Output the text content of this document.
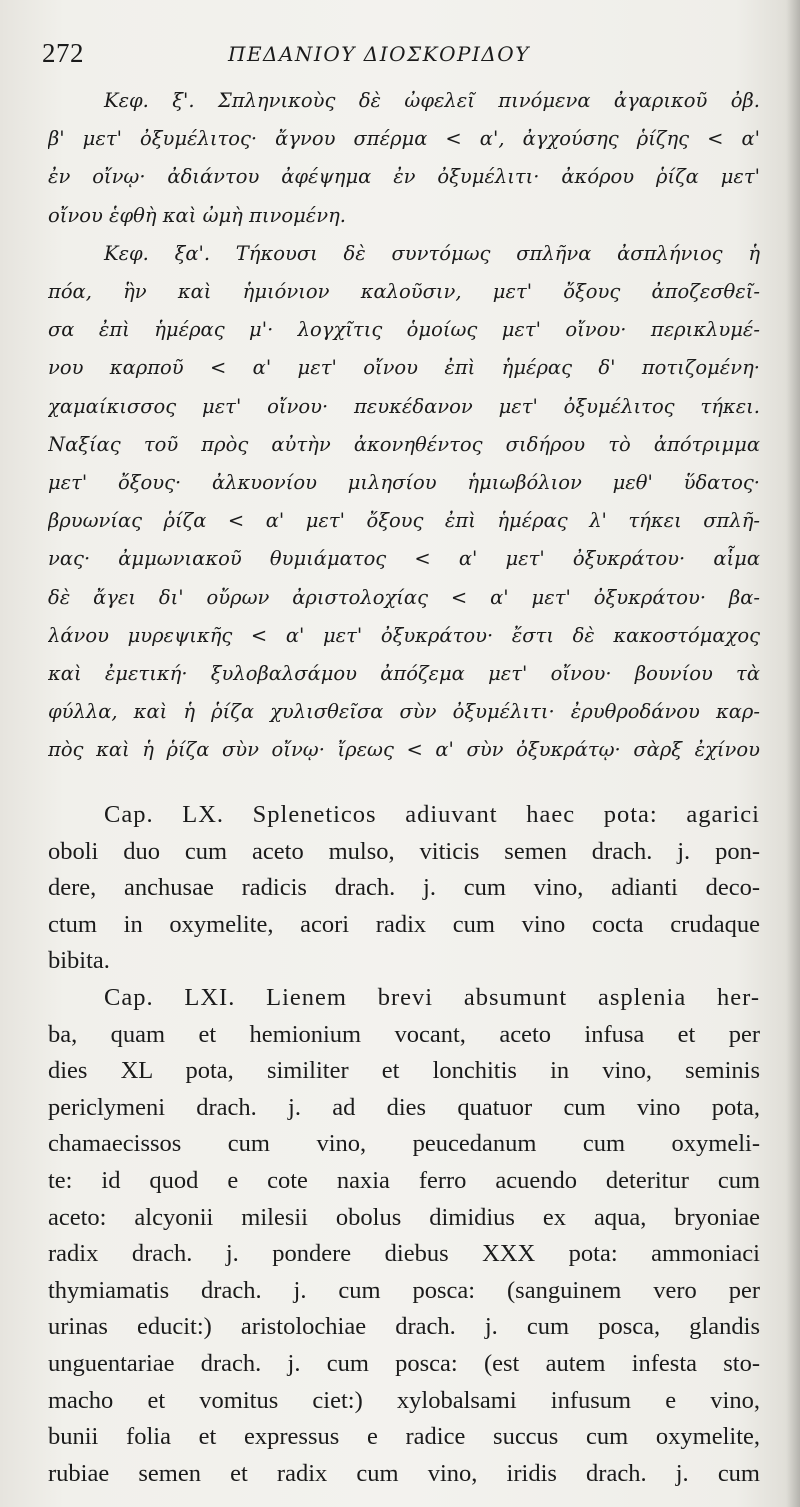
272	ΠΕΔΑΝΙΟΥ ΔΙΟΣΚΟΡΙΔΟΥ
Κεφ. ξ'. Σπληνικοὺς δὲ ὠφελεῖ πινόμενα ἀγαρικοῦ ὀβ.
β' μετ' ὀξυμέλιτος· ἄγνου σπέρμα < α', ἀγχούσης ῥίζης < α'
ἐν οἴνῳ· ἀδιάντου ἀφέψημα ἐν ὀξυμέλιτι· ἀκόρου ῥίζα μετ'
οἴνου ἑφθὴ καὶ ὠμὴ πινομένη.
Κεφ. ξα'. Τήκουσι δὲ συντόμως σπλῆνα ἀσπλήνιος ἡ
πόα, ἣν καὶ ἡμιόνιον καλοῦσιν, μετ' ὄξους ἀποζεσθεῖ-
σα ἐπὶ ἡμέρας μ'· λογχῖτις ὁμοίως μετ' οἴνου· περικλυμέ-
νου καρποῦ < α' μετ' οἴνου ἐπὶ ἡμέρας δ' ποτιζομένη·
χαμαίκισσος μετ' οἴνου· πευκέδανον μετ' ὀξυμέλιτος τήκει.
Ναξίας τοῦ πρὸς αὐτὴν ἀκονηθέντος σιδήρου τὸ ἀπότριμμα
μετ' ὄξους· ἀλκυονίου μιλησίου ἡμιωβόλιον μεθ' ὕδατος·
βρυωνίας ῥίζα < α' μετ' ὄξους ἐπὶ ἡμέρας λ' τήκει σπλῆ-
νας· ἀμμωνιακοῦ θυμιάματος < α' μετ' ὀξυκράτου· αἷμα
δὲ ἄγει δι' οὔρων ἀριστολοχίας < α' μετ' ὀξυκράτου· βα-
λάνου μυρεψικῆς < α' μετ' ὀξυκράτου· ἔστι δὲ κακοστόμαχος
καὶ ἐμετική· ξυλοβαλσάμου ἀπόζεμα μετ' οἴνου· βουνίου τὰ
φύλλα, καὶ ἡ ῥίζα χυλισθεῖσα σὺν ὀξυμέλιτι· ἐρυθροδάνου καρ-
πὸς καὶ ἡ ῥίζα σὺν οἴνῳ· ἴρεως < α' σὺν ὀξυκράτῳ· σὰρξ ἐχίνου
Cap. LX. Spleneticos adiuvant haec pota: agarici
oboli duo cum aceto mulso, viticis semen drach. j. pon-
dere, anchusae radicis drach. j. cum vino, adianti deco-
ctum in oxymelite, acori radix cum vino cocta crudaque
bibita.
Cap. LXI. Lienem brevi absumunt asplenia her-
ba, quam et hemionium vocant, aceto infusa et per
dies XL pota, similiter et lonchitis in vino, seminis
periclymeni drach. j. ad dies quatuor cum vino pota,
chamaecissos cum vino, peucedanum cum oxymeli-
te: id quod e cote naxia ferro acuendo deteritur cum
aceto: alcyonii milesii obolus dimidius ex aqua, bryoniae
radix drach. j. pondere diebus XXX pota: ammoniaci
thymiamatis drach. j. cum posca: (sanguinem vero per
urinas educit:) aristolochiae drach. j. cum posca, glandis
unguentariae drach. j. cum posca: (est autem infesta sto-
macho et vomitus ciet:) xylobalsami infusum e vino,
bunii folia et expressus e radice succus cum oxymelite,
rubiae semen et radix cum vino, iridis drach. j. cum
